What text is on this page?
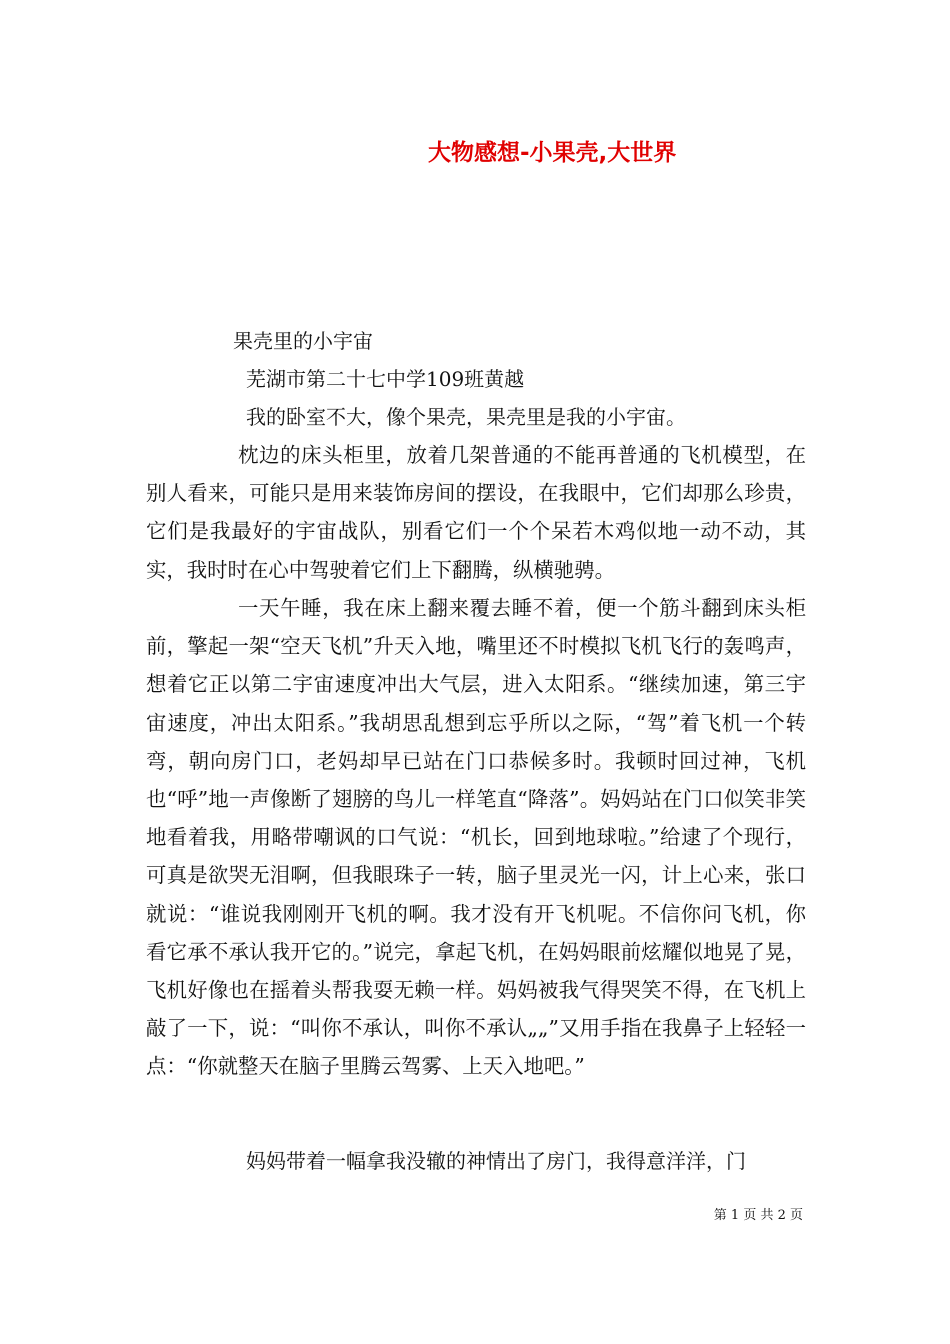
大物感想-小果壳,大世界
果壳里的小宇宙
芜湖市第二十七中学109班黄越
我的卧室不大，像个果壳，果壳里是我的小宇宙。
枕边的床头柜里，放着几架普通的不能再普通的飞机模型，在别人看来，可能只是用来装饰房间的摆设，在我眼中，它们却那么珍贵，它们是我最好的宇宙战队，别看它们一个个呆若木鸡似地一动不动，其实，我时时在心中驾驶着它们上下翻腾，纵横驰骋。
一天午睡，我在床上翻来覆去睡不着，便一个筋斗翻到床头柜前，擎起一架“空天飞机”升天入地，嘴里还不时模拟飞机飞行的轰鸣声，想着它正以第二宇宙速度冲出大气层，进入太阳系。“继续加速，第三宇宙速度，冲出太阳系。”我胡思乱想到忘乎所以之际，“驾”着飞机一个转弯，朝向房门口，老妈却早已站在门口恭候多时。我顿时回过神，飞机也“呼”地一声像断了翅膀的鸟儿一样笔直“降落”。妈妈站在门口似笑非笑地看着我，用略带嘲讽的口气说：“机长，回到地球啦。”给逮了个现行，可真是欲哭无泪啊，但我眼珠子一转，脑子里灵光一闪，计上心来，张口就说：“谁说我刚刚开飞机的啊。我才没有开飞机呢。不信你问飞机，你看它承不承认我开它的。”说完，拿起飞机，在妈妈眼前炫耀似地晃了晃，飞机好像也在摇着头帮我耍无赖一样。妈妈被我气得哭笑不得，在飞机上敲了一下，说：“叫你不承认，叫你不承认„„”又用手指在我鼻子上轻轻一点：“你就整天在脑子里腾云驾雾、上天入地吧。”
妈妈带着一幅拿我没辙的神情出了房门，我得意洋洋，门
第 1 页 共 2 页
